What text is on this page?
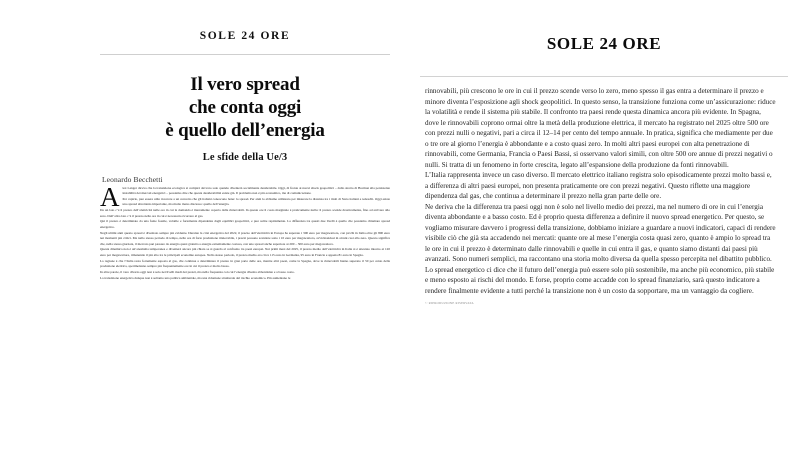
SOLE 24 ORE
Il vero spread
che conta oggi
è quello dell’energia
Le sfide della Ue/3
Leonardo Becchetti
A lex Langer diceva che la transizione ecologica si compirà davvero solo quando diventerà socialmente desiderabile. Oggi, di fronte ai nuovi shock geopolitici – dallo stretto di Hormuz alla persistente instabilità dei mercati energetici – possiamo dire che questa desiderabilità esiste già. Il problema non è più economico, ma di comunicazione.

Per capirlo, può essere utile ricorrere a un concetto che gli italiani conoscono bene: lo spread. Per anni lo abbiamo utilizzato per misurare la distanza tra i titoli di Stato italiani e tedeschi. Oggi esiste uno spread altrettanto importante, ma molto meno discusso: quello dell’energia.

Da un lato c’è il prezzo dell’elettricità nelle ore in cui la domanda è interamente coperta dalle rinnovabili. In queste ore il costo marginale è praticamente nullo: il prezzo scende drasticamente, fino ad arrivare allo zero. Dall’altro lato c’è il prezzo nelle ore in cui è necessario ricorrere al gas.

Qui il prezzo è determinato da una fonte fossile, volatile e fortemente dipendente dagli equilibri geopolitici, e può salire rapidamente. La differenza tra questi due livelli è quello che possiamo chiamare spread energetico.

Negli ultimi anni questo spread è diventato sempre più evidente. Durante la crisi energetica del 2022, il prezzo dell’elettricità in Europa ha superato i 300 euro per megawattora, con picchi in Italia oltre gli 800 euro nei momenti più critici. Ma nello stesso periodo di tempo, nelle ore di forte produzione rinnovabile, i prezzi possono scendere sotto i 10 euro per megawattora, avvicinandosi in alcuni casi allo zero. Questo significa che, nella stessa giornata, il mercato può passare da energia quasi gratuita a energia estremamente costosa, con uno spread anche superiore ai 200 – 300 euro per megawattora.

Questa dinamica non è un’anomalia temporanea e diventerà ancora più chiara se si guarda al confronto tra paesi europei. Nei primi mesi del 2025, il prezzo medio dell’elettricità in Italia si è attestato intorno ai 120 euro per megawattora, rimanendo il più alto tra le principali economie europee. Nello stesso periodo, il prezzo medio era circa 115 euro in Germania, 95 euro in Francia e appena 81 euro in Spagna.

La ragione è che l’Italia resta fortemente esposta al gas, che continua a determinare il prezzo in gran parte delle ore, mentre altri paesi, come la Spagna, dove le rinnovabili hanno superato il 50 per cento della produzione elettrica, sperimentano sempre più frequentemente ore in cui il prezzo è molto basso.

In altre parole, il vero divario oggi non è solo nei livelli medi dei prezzi, ma nella frequenza con cui l’energia diventa abbondante e a basso costo.

La transizione energetica dunque non è soltanto una politica ambientale, ma una riduzione strutturale del rischio economico. Più aumentano le

SOLE 24 ORE

rinnovabili, più crescono le ore in cui il prezzo scende verso lo zero, meno spesso il gas entra a determinare il prezzo e minore diventa l’esposizione agli shock geopolitici. In questo senso, la transizione funziona come un’assicurazione: riduce la volatilità e rende il sistema più stabile. Il confronto tra paesi rende questa dinamica ancora più evidente. In Spagna, dove le rinnovabili coprono ormai oltre la metà della produzione elettrica, il mercato ha registrato nel 2025 oltre 500 ore con prezzi nulli o negativi, pari a circa il 12–14 per cento del tempo annuale. In pratica, significa che mediamente per due o tre ore al giorno l’energia è abbondante e a costo quasi zero. In molti altri paesi europei con alta penetrazione di rinnovabili, come Germania, Francia o Paesi Bassi, si osservano valori simili, con oltre 500 ore annue di prezzi negativi o nulli. Si tratta di un fenomeno in forte crescita, legato all’espansione della produzione da fonti rinnovabili.

L’Italia rappresenta invece un caso diverso. Il mercato elettrico italiano registra solo episodicamente prezzi molto bassi e, a differenza di altri paesi europei, non presenta praticamente ore con prezzi negativi. Questo riflette una maggiore dipendenza dal gas, che continua a determinare il prezzo nella gran parte delle ore.

Ne deriva che la differenza tra paesi oggi non è solo nel livello medio dei prezzi, ma nel numero di ore in cui l’energia diventa abbondante e a basso costo. Ed è proprio questa differenza a definire il nuovo spread energetico. Per questo, se vogliamo misurare davvero i progressi della transizione, dobbiamo iniziare a guardare a nuovi indicatori, capaci di rendere visibile ciò che già sta accadendo nei mercati: quante ore al mese l’energia costa quasi zero, quanto è ampio lo spread tra le ore in cui il prezzo è determinato dalle rinnovabili e quelle in cui entra il gas, e quanto siamo distanti dai paesi più avanzati. Sono numeri semplici, ma raccontano una storia molto diversa da quella spesso percepita nel dibattito pubblico.

Lo spread energetico ci dice che il futuro dell’energia può essere solo più sostenibile, ma anche più economico, più stabile e meno esposto ai rischi del mondo. E forse, proprio come accadde con lo spread finanziario, sarà questo indicatore a rendere finalmente evidente a tutti perché la transizione non è un costo da sopportare, ma un vantaggio da cogliere.

© RIPRODUZIONE RISERVATA
